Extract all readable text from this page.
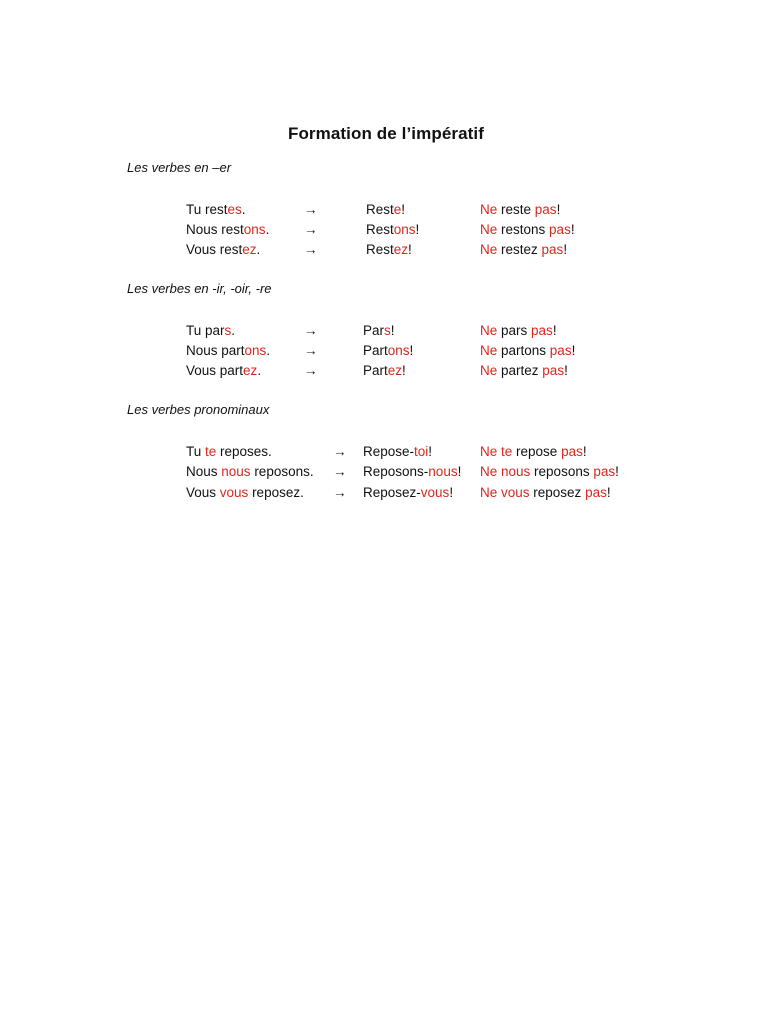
Formation de l’impératif
Les verbes en –er
Tu restes.	→	Reste!	Ne reste pas!
Nous restons.	→	Restons!	Ne restons pas!
Vous restez.	→	Restez!	Ne restez pas!
Les verbes en -ir, -oir, -re
Tu pars.	→	Pars!	Ne pars pas!
Nous partons.	→	Partons!	Ne partons pas!
Vous partez.	→	Partez!	Ne partez pas!
Les verbes pronominaux
Tu te reposes.	→ Repose-toi!	Ne te repose pas!
Nous nous reposons. → Reposons-nous! Ne nous reposons pas!
Vous vous reposez. → Reposez-vous! Ne vous reposez pas!
